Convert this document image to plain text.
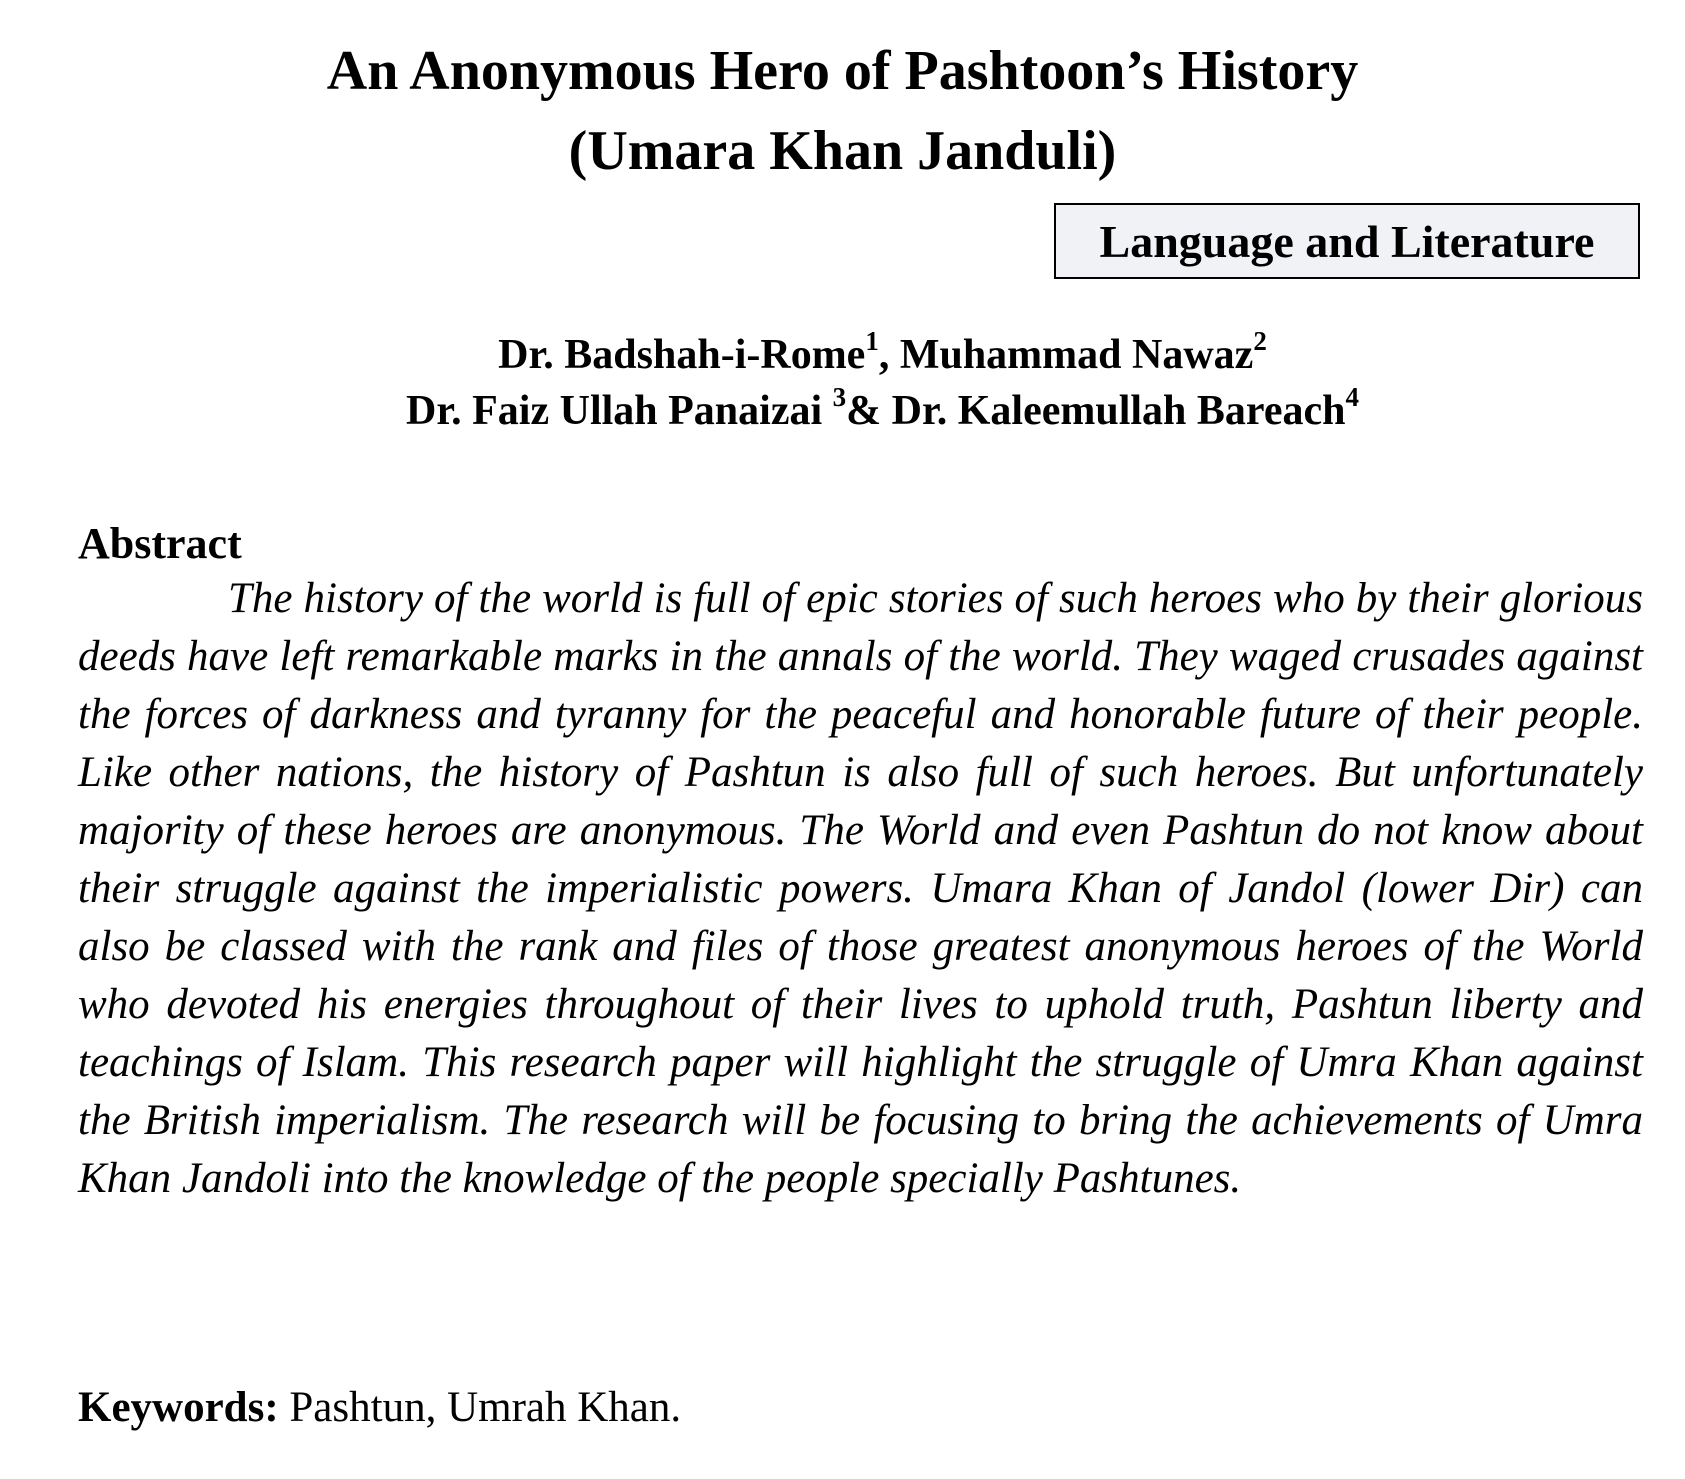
An Anonymous Hero of Pashtoon’s History
(Umara Khan Janduli)
Language and Literature
Dr. Badshah-i-Rome$^1$, Muhammad Nawaz$^2$
Dr. Faiz Ullah Panaizai $^3$& Dr. Kaleemullah Bareach$^4$
Abstract

The history of the world is full of epic stories of such heroes who by their glorious deeds have left remarkable marks in the annals of the world. They waged crusades against the forces of darkness and tyranny for the peaceful and honorable future of their people. Like other nations, the history of Pashtun is also full of such heroes. But unfortunately majority of these heroes are anonymous. The World and even Pashtun do not know about their struggle against the imperialistic powers. Umara Khan of Jandol (lower Dir) can also be classed with the rank and files of those greatest anonymous heroes of the World who devoted his energies throughout of their lives to uphold truth, Pashtun liberty and teachings of Islam. This research paper will highlight the struggle of Umra Khan against the British imperialism. The research will be focusing to bring the achievements of Umra Khan Jandoli into the knowledge of the people specially Pashtunes.

Keywords: Pashtun, Umrah Khan.
